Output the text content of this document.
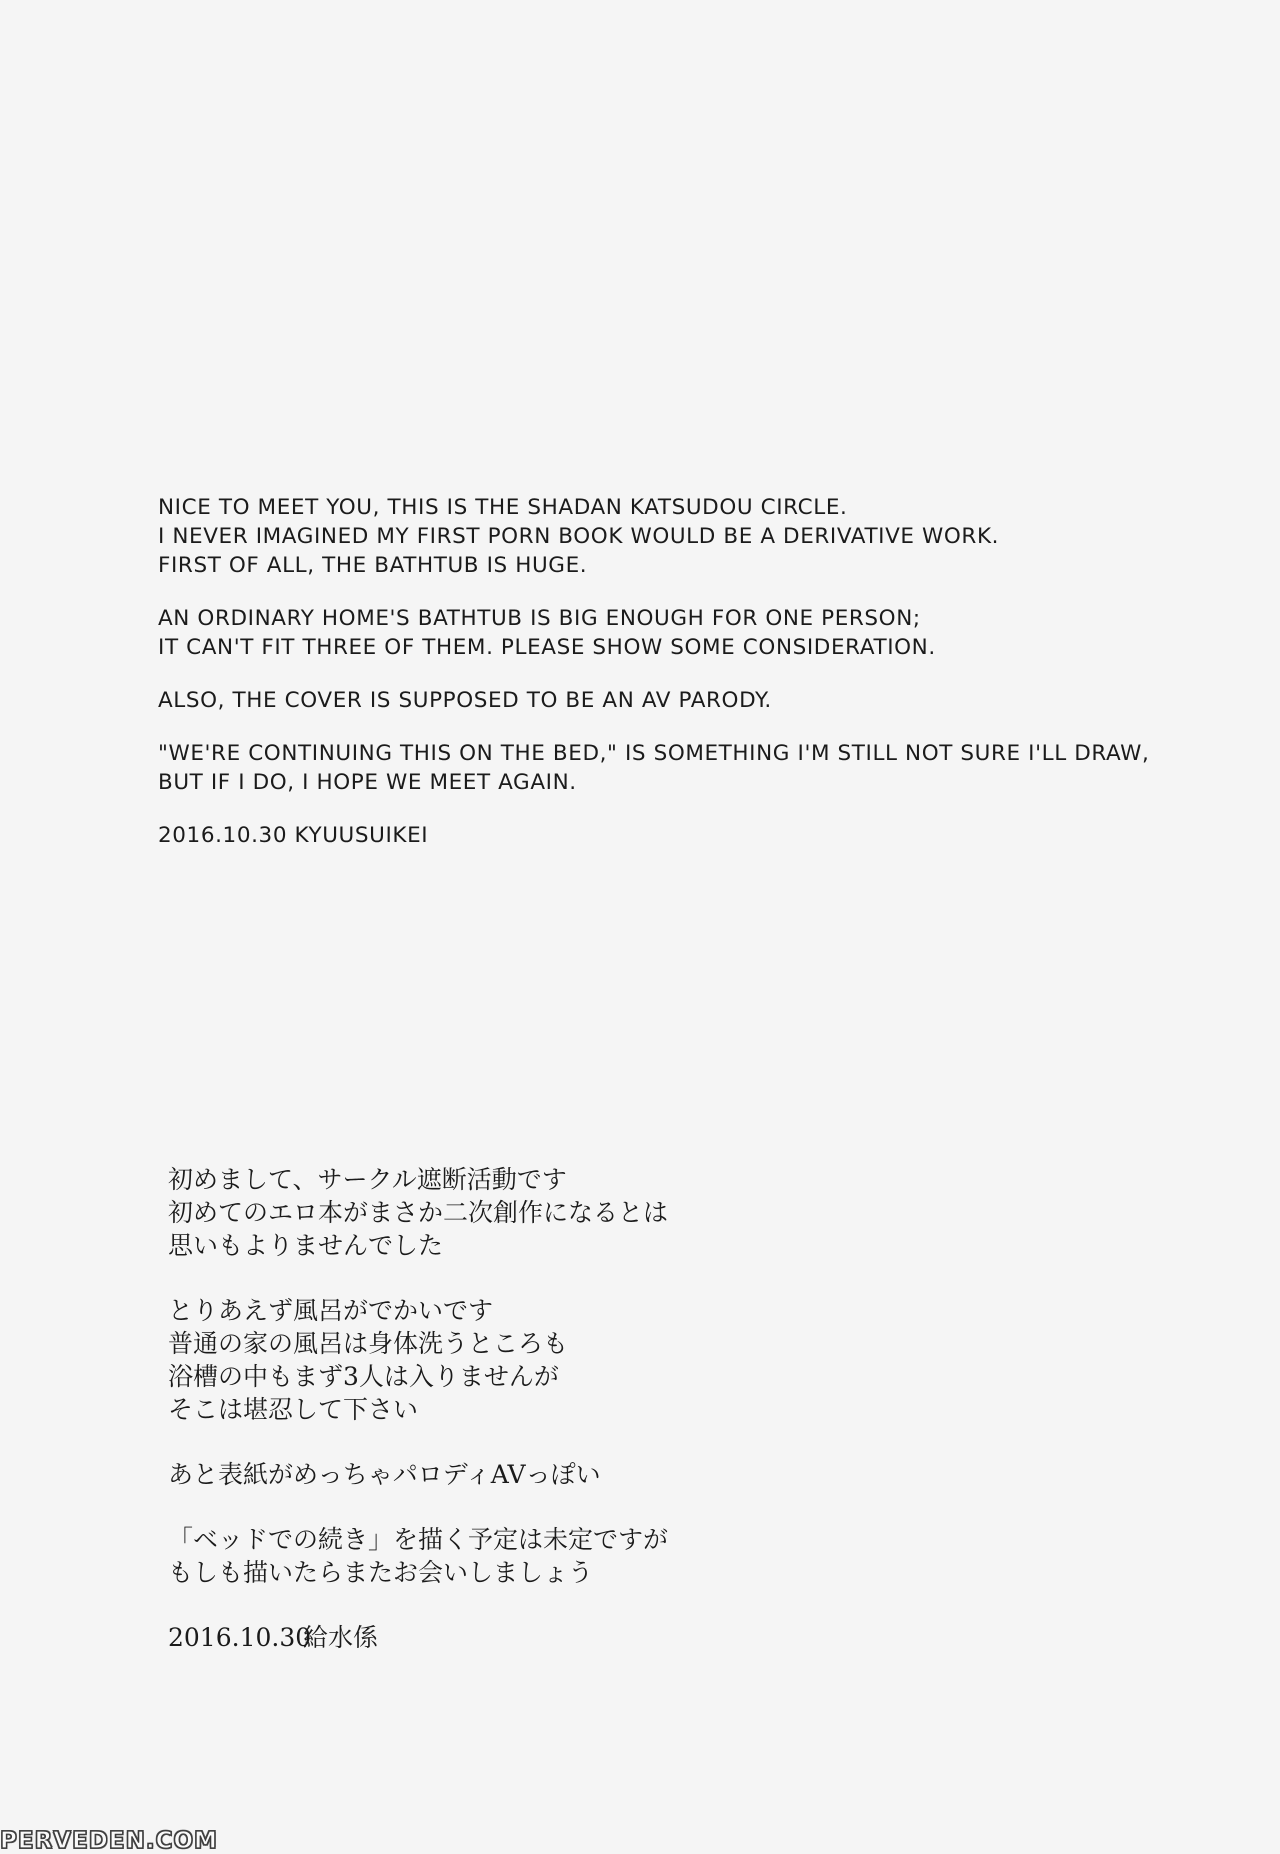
NICE TO MEET YOU, THIS IS THE SHADAN KATSUDOU CIRCLE.
I NEVER IMAGINED MY FIRST PORN BOOK WOULD BE A DERIVATIVE WORK.
FIRST OF ALL, THE BATHTUB IS HUGE.
AN ORDINARY HOME'S BATHTUB IS BIG ENOUGH FOR ONE PERSON;
IT CAN'T FIT THREE OF THEM. PLEASE SHOW SOME CONSIDERATION.
ALSO, THE COVER IS SUPPOSED TO BE AN AV PARODY.
"WE'RE CONTINUING THIS ON THE BED," IS SOMETHING I'M STILL NOT SURE I'LL DRAW,
BUT IF I DO, I HOPE WE MEET AGAIN.
2016.10.30 KYUUSUIKEI
初めまして、サークル遮断活動です
初めてのエロ本がまさか二次創作になるとは
思いもよりませんでした
とりあえず風呂がでかいです
普通の家の風呂は身体洗うところも
浴槽の中もまず3人は入りませんが
そこは堪忍して下さい
あと表紙がめっちゃパロディAVっぽい
「ベッドでの続き」を描く予定は未定ですが
もしも描いたらまたお会いしましょう
2016.10.30給水係
PERVEDEN.COM
